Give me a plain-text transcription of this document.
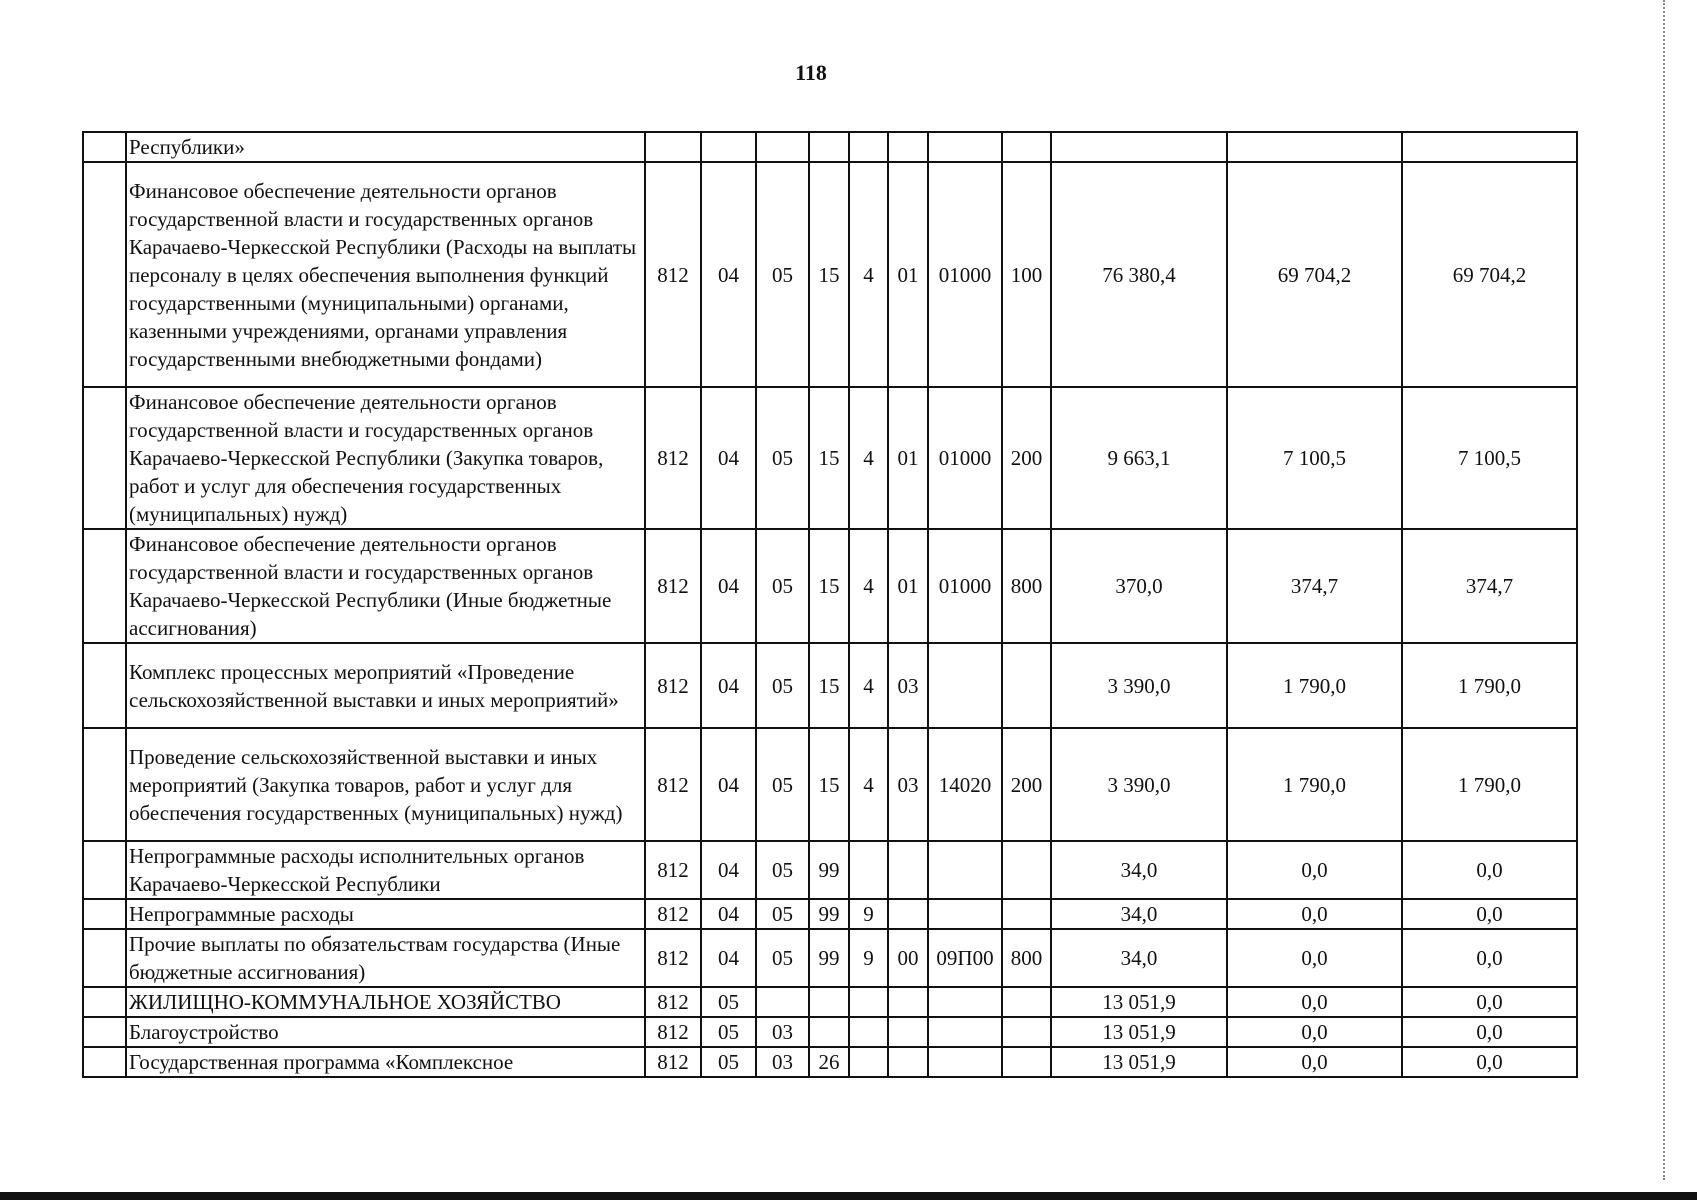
118
	Республики»											
	Финансовое обеспечение деятельности органов государственной власти и государственных органов Карачаево-Черкесской Республики (Расходы на выплаты персоналу в целях обеспечения выполнения функций государственными (муниципальными) органами, казенными учреждениями, органами управления государственными внебюджетными фондами)	812	04	05	15	4	01	01000	100	76 380,4	69 704,2	69 704,2
	Финансовое обеспечение деятельности органов государственной власти и государственных органов Карачаево-Черкесской Республики (Закупка товаров, работ и услуг для обеспечения государственных (муниципальных) нужд)	812	04	05	15	4	01	01000	200	9 663,1	7 100,5	7 100,5
	Финансовое обеспечение деятельности органов государственной власти и государственных органов Карачаево-Черкесской Республики (Иные бюджетные ассигнования)	812	04	05	15	4	01	01000	800	370,0	374,7	374,7
	Комплекс процессных мероприятий «Проведение сельскохозяйственной выставки и иных мероприятий»	812	04	05	15	4	03			3 390,0	1 790,0	1 790,0
	Проведение сельскохозяйственной выставки и иных мероприятий (Закупка товаров, работ и услуг для обеспечения государственных (муниципальных) нужд)	812	04	05	15	4	03	14020	200	3 390,0	1 790,0	1 790,0
	Непрограммные расходы исполнительных органов Карачаево-Черкесской Республики	812	04	05	99					34,0	0,0	0,0
	Непрограммные расходы	812	04	05	99	9				34,0	0,0	0,0
	Прочие выплаты по обязательствам государства (Иные бюджетные ассигнования)	812	04	05	99	9	00	09П00	800	34,0	0,0	0,0
	ЖИЛИЩНО-КОММУНАЛЬНОЕ ХОЗЯЙСТВО	812	05							13 051,9	0,0	0,0
	Благоустройство	812	05	03						13 051,9	0,0	0,0
	Государственная программа «Комплексное	812	05	03	26					13 051,9	0,0	0,0
